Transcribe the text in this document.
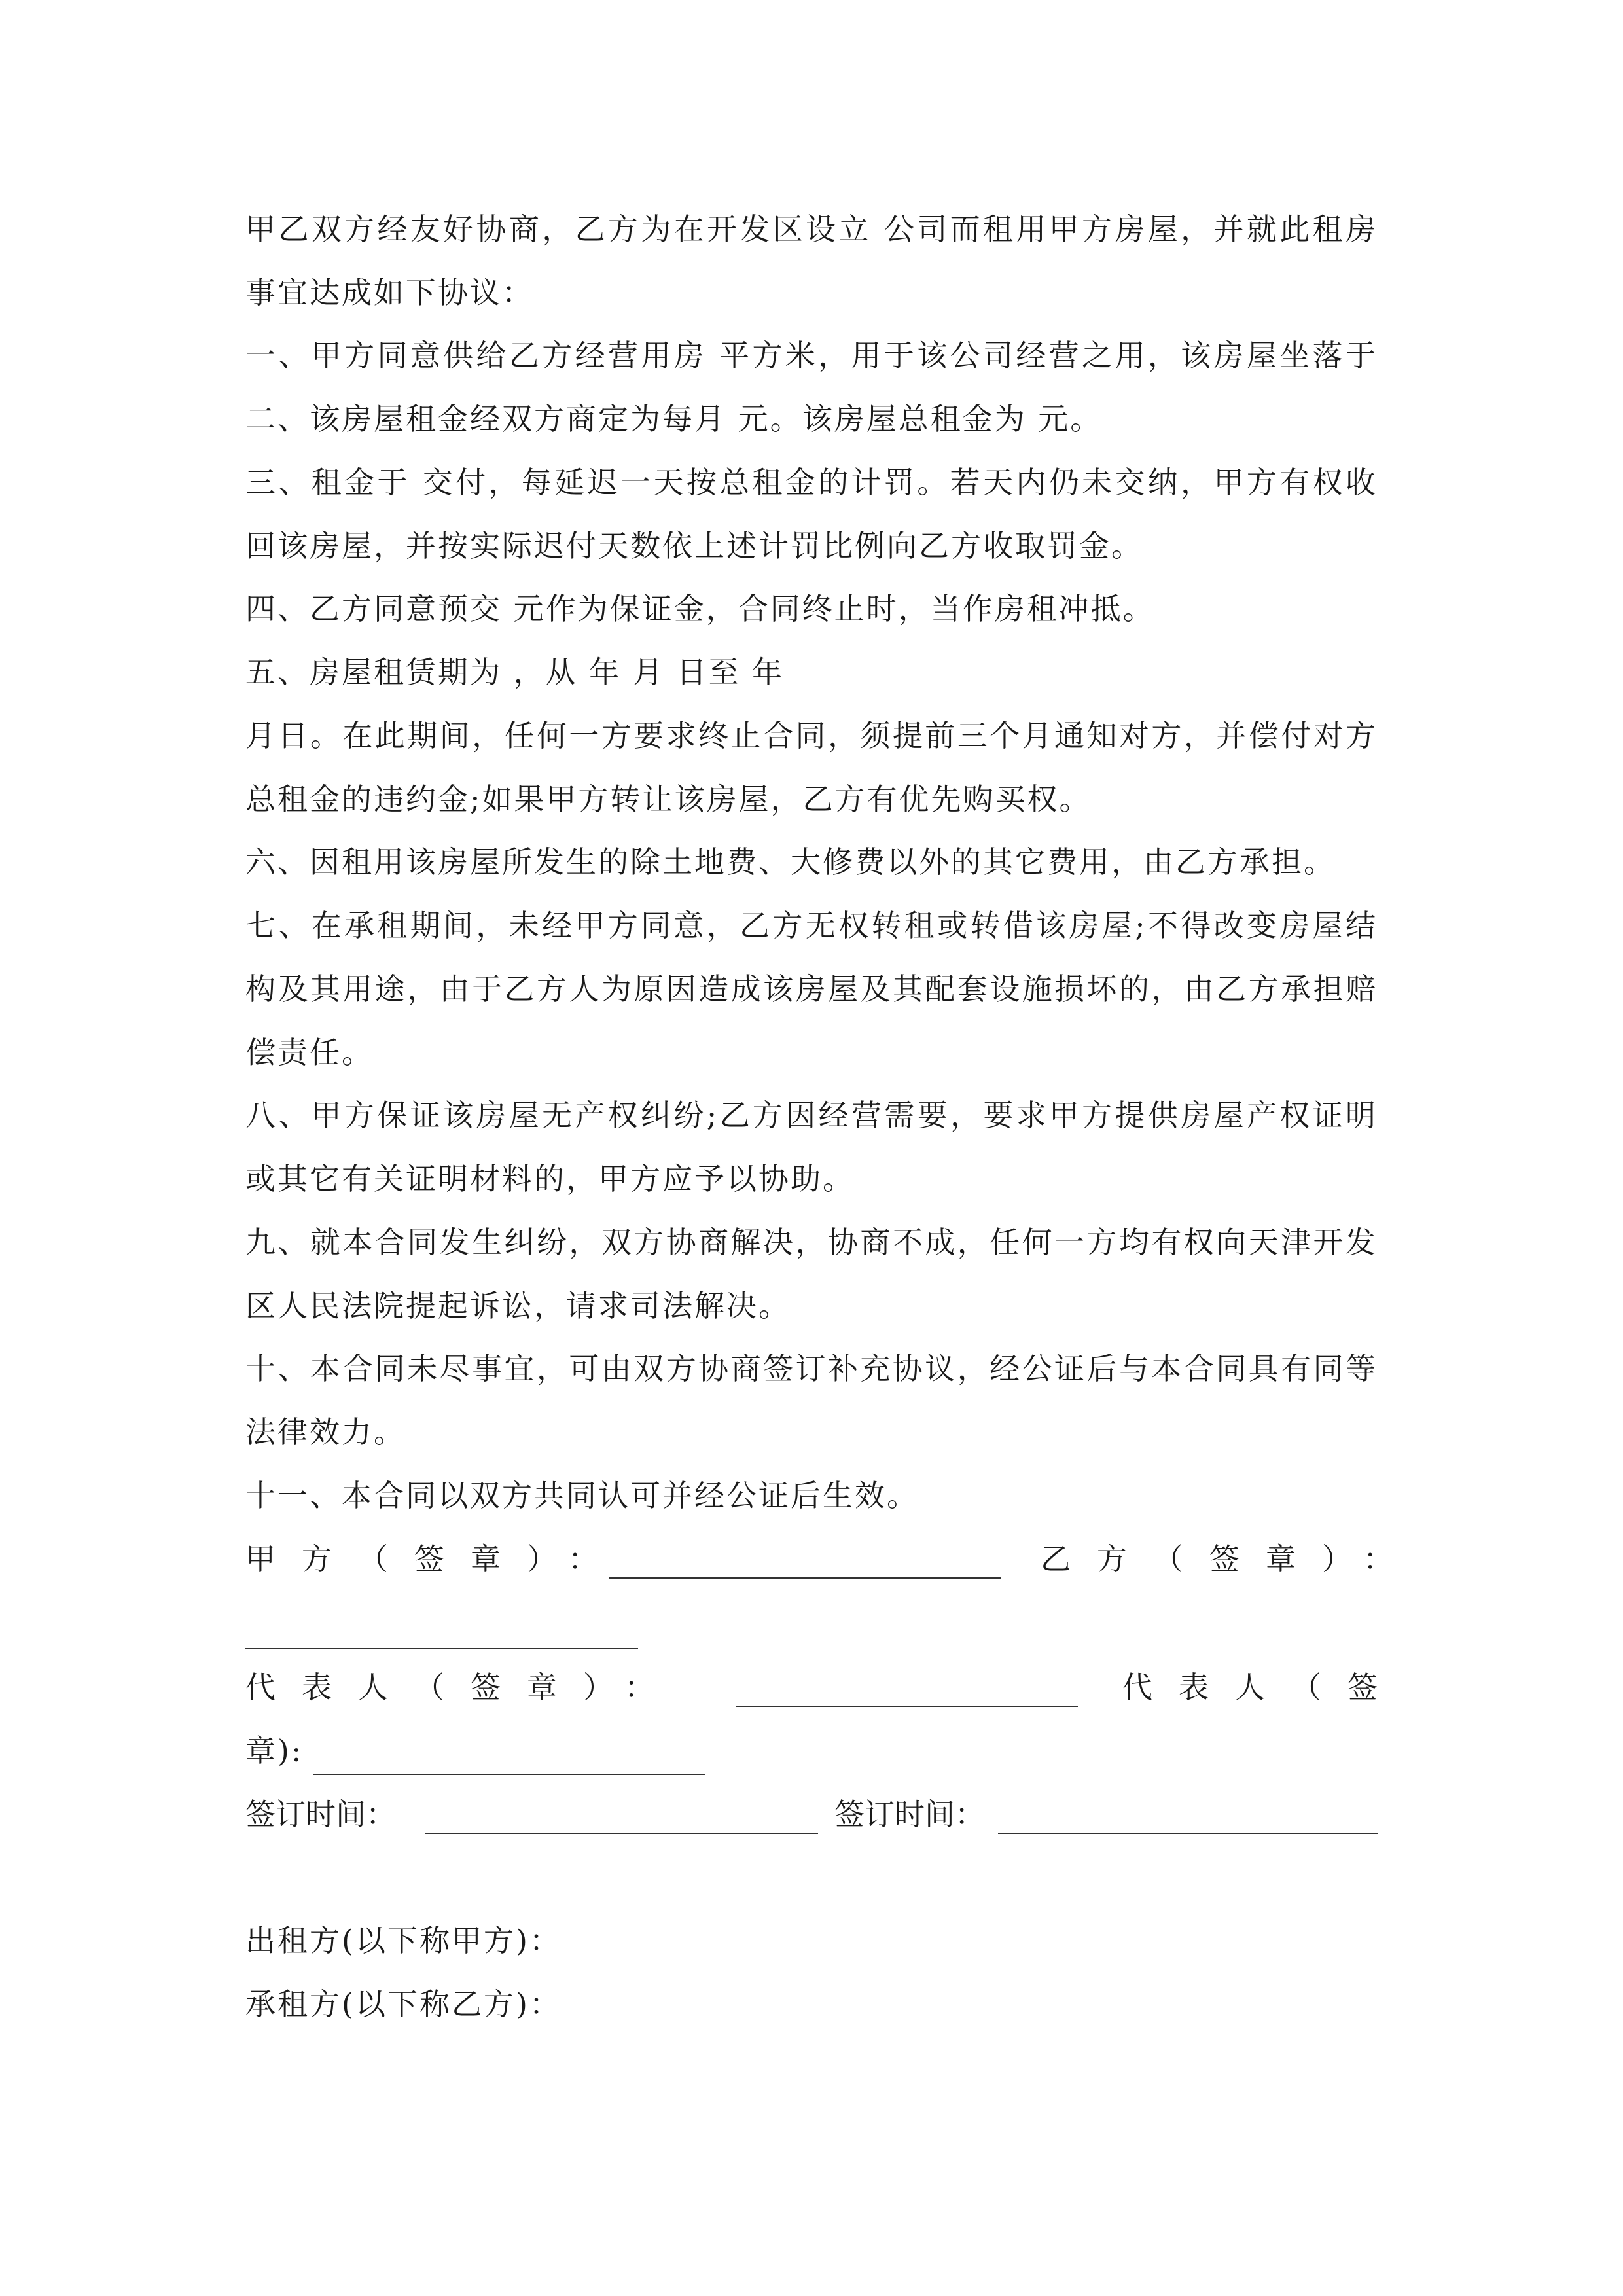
甲乙双方经友好协商，乙方为在开发区设立 公司而租用甲方房屋，并就此租房
事宜达成如下协议：
一、甲方同意供给乙方经营用房 平方米，用于该公司经营之用，该房屋坐落于
二、该房屋租金经双方商定为每月 元。该房屋总租金为 元。
三、租金于 交付，每延迟一天按总租金的计罚。若天内仍未交纳，甲方有权收
回该房屋，并按实际迟付天数依上述计罚比例向乙方收取罚金。
四、乙方同意预交 元作为保证金，合同终止时，当作房租冲抵。
五、房屋租赁期为 ，从 年 月 日至 年
月日。在此期间，任何一方要求终止合同，须提前三个月通知对方，并偿付对方
总租金的违约金;如果甲方转让该房屋，乙方有优先购买权。
六、因租用该房屋所发生的除土地费、大修费以外的其它费用，由乙方承担。
七、在承租期间，未经甲方同意，乙方无权转租或转借该房屋;不得改变房屋结
构及其用途，由于乙方人为原因造成该房屋及其配套设施损坏的，由乙方承担赔
偿责任。
八、甲方保证该房屋无产权纠纷;乙方因经营需要，要求甲方提供房屋产权证明
或其它有关证明材料的，甲方应予以协助。
九、就本合同发生纠纷，双方协商解决，协商不成，任何一方均有权向天津开发
区人民法院提起诉讼，请求司法解决。
十、本合同未尽事宜，可由双方协商签订补充协议，经公证后与本合同具有同等
法律效力。
十一、本合同以双方共同认可并经公证后生效。
甲方（签章）：	乙方（签章）：
代表人（签章）：	代表人（签
章):
签订时间：	签订时间：
出租方(以下称甲方)：
承租方(以下称乙方)：
